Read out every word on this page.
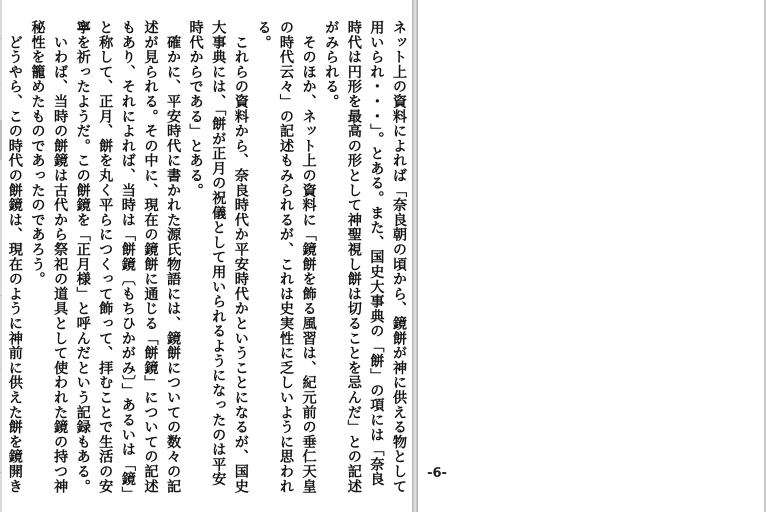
ネット上の資料によれば「奈良朝の頃から、鏡餅が神に供える物として用いられ・・・」。とある。また、国史大事典の「餅」の項には「奈良時代は円形を最高の形として神聖視し餅は切ることを忌んだ」との記述がみられる。
　そのほか、ネット上の資料に「鏡餅を飾る風習は、紀元前の垂仁天皇の時代云々」の記述もみられるが、これは史実性に乏しいように思われる。
　これらの資料から、奈良時代か平安時代かということになるが、国史大事典には、「餅が正月の祝儀として用いられるようになったのは平安時代からである」とある。
　確かに、平安時代に書かれた源氏物語には、鏡餅についての数々の記述が見られる。その中に、現在の鏡餅に通じる「餅鏡」についての記述もあり、それによれば、当時は「餅鏡〔もちひかがみ〕」あるいは「鏡」と称して、正月、餅を丸く平らにつくって飾って、拝むことで生活の安寧を祈ったようだ。この餅鏡を「正月様」と呼んだという記録もある。
　いわば、当時の餅鏡は古代から祭祀の道具として使われた鏡の持つ神秘性を籠めたものであったのであろう。
　どうやら、この時代の餅鏡は、現在のように神前に供えた餅を鏡開き
-6-
